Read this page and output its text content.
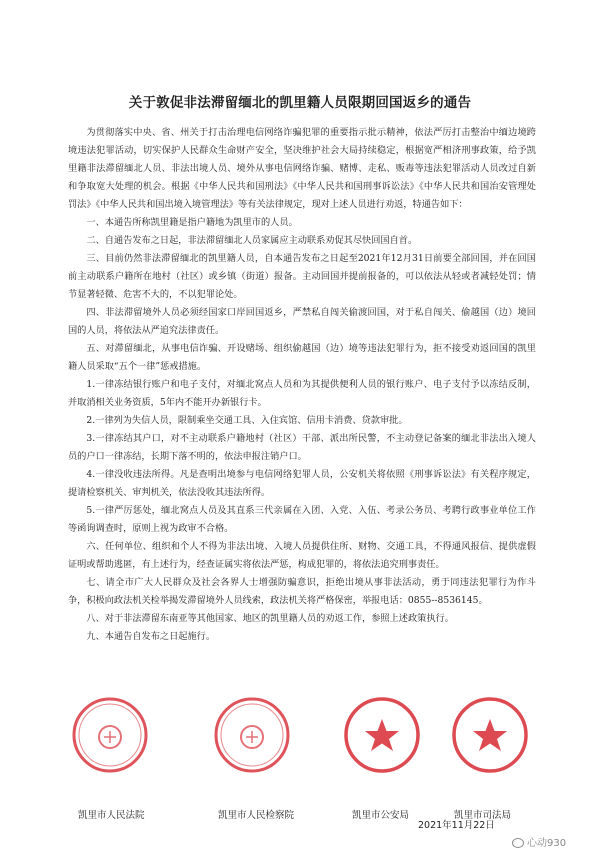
关于敦促非法滞留缅北的凯里籍人员限期回国返乡的通告

为贯彻落实中央、省、州关于打击治理电信网络诈骗犯罪的重要指示批示精神，依法严厉打击整治中缅边境跨境违法犯罪活动，切实保护人民群众生命财产安全，坚决维护社会大局持续稳定，根据宽严相济刑事政策，给予凯里籍非法滞留缅北人员、非法出境人员、境外从事电信网络诈骗、赌博、走私、贩毒等违法犯罪活动人员改过自新和争取宽大处理的机会。根据《中华人民共和国刑法》《中华人民共和国刑事诉讼法》《中华人民共和国治安管理处罚法》《中华人民共和国出境入境管理法》等有关法律规定，现对上述人员进行劝返，特通告如下：

一、本通告所称凯里籍是指户籍地为凯里市的人员。

二、自通告发布之日起，非法滞留缅北人员家属应主动联系劝促其尽快回国自首。

三、目前仍然非法滞留缅北的凯里籍人员，自本通告发布之日起至2021年12月31日前要全部回国，并在回国前主动联系户籍所在地村（社区）或乡镇（街道）报备。主动回国并提前报备的，可以依法从轻或者减轻处罚；情节显著轻微、危害不大的，不以犯罪论处。

四、非法滞留境外人员必须经国家口岸回国返乡，严禁私自闯关偷渡回国，对于私自闯关、偷越国（边）境回国的人员，将依法从严追究法律责任。

五、对滞留缅北，从事电信诈骗、开设赌场、组织偷越国（边）境等违法犯罪行为，拒不接受劝返回国的凯里籍人员采取“五个一律”惩戒措施。

1.一律冻结银行账户和电子支付，对缅北窝点人员和为其提供便利人员的银行账户、电子支付予以冻结反制，并取消相关业务资质，5年内不能开办新银行卡。

2.一律列为失信人员，限制乘坐交通工具、入住宾馆、信用卡消费、贷款审批。

3.一律冻结其户口，对不主动联系户籍地村（社区）干部、派出所民警，不主动登记备案的缅北非法出入境人员的户口一律冻结，长期下落不明的，依法申报注销户口。

4.一律没收违法所得。凡是查明出境参与电信网络犯罪人员，公安机关将依照《刑事诉讼法》有关程序规定，提请检察机关、审判机关，依法没收其违法所得。

5.一律严厉惩处，缅北窝点人员及其直系三代亲属在入团、入党、入伍、考录公务员、考聘行政事业单位工作等函询调查时，原则上视为政审不合格。

六、任何单位、组织和个人不得为非法出境、入境人员提供住所、财物、交通工具，不得通风报信、提供虚假证明或帮助逃匿，有上述行为，经查证属实将依法严惩，构成犯罪的，将依法追究刑事责任。

七、请全市广大人民群众及社会各界人士增强防骗意识，拒绝出境从事非法活动，勇于同违法犯罪行为作斗争，积极向政法机关检举揭发滞留境外人员线索，政法机关将严格保密，举报电话：0855--8536145。

八、对于非法滞留东南亚等其他国家、地区的凯里籍人员的劝返工作，参照上述政策执行。

九、本通告自发布之日起施行。

凯里市人民法院	凯里市人民检察院	凯里市公安局	凯里市司法局
2021年11月22日
心动930
